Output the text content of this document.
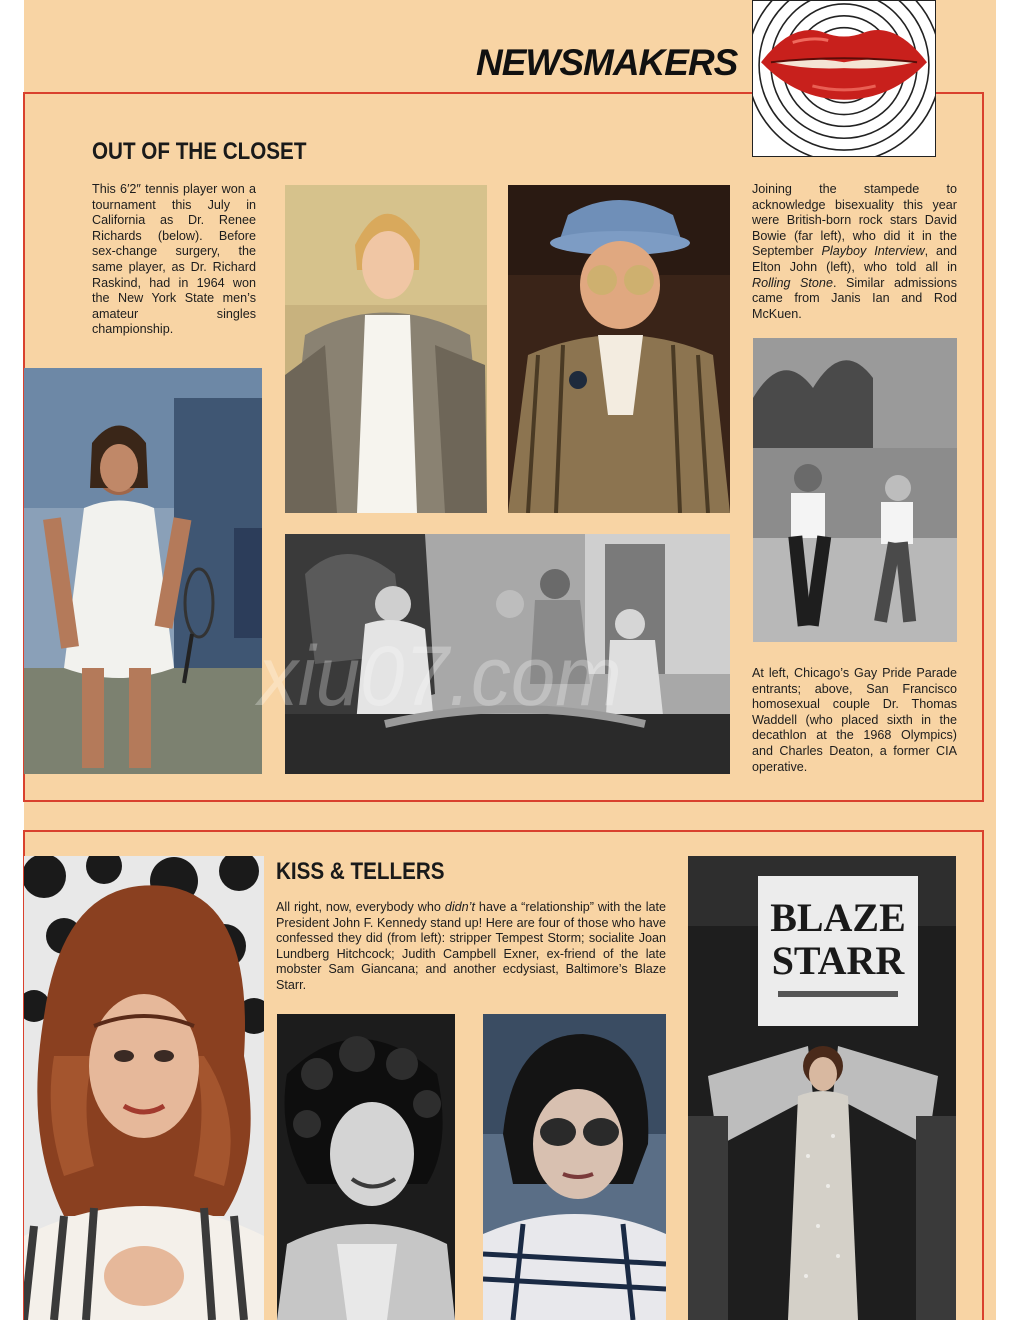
NEWSMAKERS
OUT OF THE CLOSET
This 6′2″ tennis player won a tournament this July in California as Dr. Renee Richards (below). Before sex-change surgery, the same player, as Dr. Richard Raskind, had in 1964 won the New York State men’s amateur singles championship.
Joining the stampede to acknowledge bisexuality this year were British-born rock stars David Bowie (far left), who did it in the September Playboy Interview, and Elton John (left), who told all in Rolling Stone. Similar admissions came from Janis Ian and Rod McKuen.
At left, Chicago’s Gay Pride Parade entrants; above, San Francisco homosexual couple Dr. Thomas Waddell (who placed sixth in the decathlon at the 1968 Olympics) and Charles Deaton, a former CIA operative.
KISS & TELLERS
All right, now, everybody who didn’t have a “relationship” with the late President John F. Kennedy stand up! Here are four of those who have confessed they did (from left): stripper Tempest Storm; socialite Joan Lundberg Hitchcock; Judith Campbell Exner, ex-friend of the late mobster Sam Giancana; and another ecdysiast, Baltimore’s Blaze Starr.
BLAZE
STARR
xiu07.com
